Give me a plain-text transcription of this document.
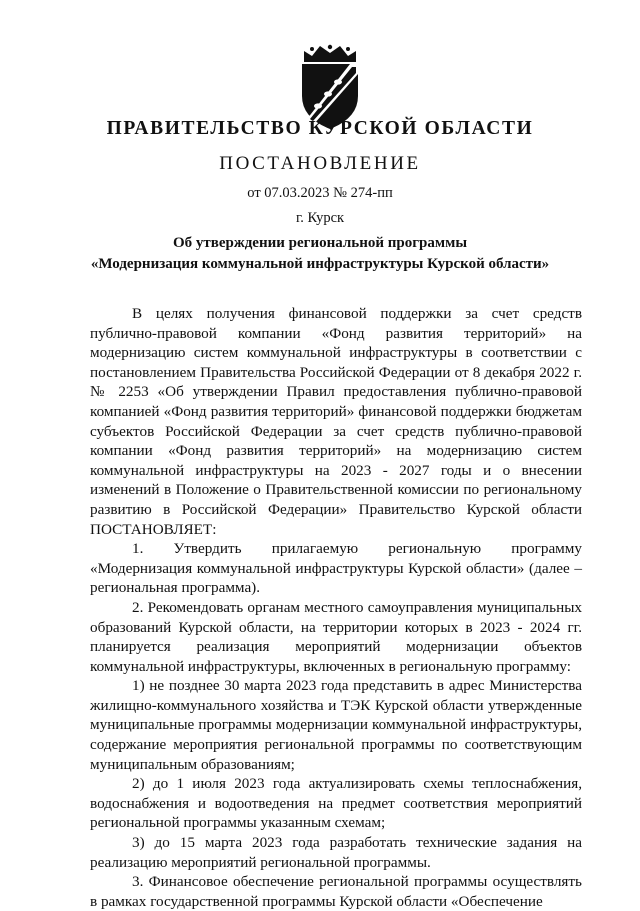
ПРАВИТЕЛЬСТВО КУРСКОЙ ОБЛАСТИ
ПОСТАНОВЛЕНИЕ
от 07.03.2023 № 274-пп
г. Курск
Об утверждении региональной программы
«Модернизация коммунальной инфраструктуры Курской области»

В целях получения финансовой поддержки за счет средств публично-правовой компании «Фонд развития территорий» на модернизацию систем коммунальной инфраструктуры в соответствии с постановлением Правительства Российской Федерации от 8 декабря 2022 г. № 2253 «Об утверждении Правил предоставления публично-правовой компанией «Фонд развития территорий» финансовой поддержки бюджетам субъектов Российской Федерации за счет средств публично-правовой компании «Фонд развития территорий» на модернизацию систем коммунальной инфраструктуры на 2023 - 2027 годы и о внесении изменений в Положение о Правительственной комиссии по региональному развитию в Российской Федерации» Правительство Курской области ПОСТАНОВЛЯЕТ:

1. Утвердить прилагаемую региональную программу «Модернизация коммунальной инфраструктуры Курской области» (далее – региональная программа).

2. Рекомендовать органам местного самоуправления муниципальных образований Курской области, на территории которых в 2023 - 2024 гг. планируется реализация мероприятий модернизации объектов коммунальной инфраструктуры, включенных в региональную программу:

1) не позднее 30 марта 2023 года представить в адрес Министерства жилищно-коммунального хозяйства и ТЭК Курской области утвержденные муниципальные программы модернизации коммунальной инфраструктуры, содержание мероприятия региональной программы по соответствующим муниципальным образованиям;

2) до 1 июля 2023 года актуализировать схемы теплоснабжения, водоснабжения и водоотведения на предмет соответствия мероприятий региональной программы указанным схемам;

3) до 15 марта 2023 года разработать технические задания на реализацию мероприятий региональной программы.

3. Финансовое обеспечение региональной программы осуществлять в рамках государственной программы Курской области «Обеспечение
